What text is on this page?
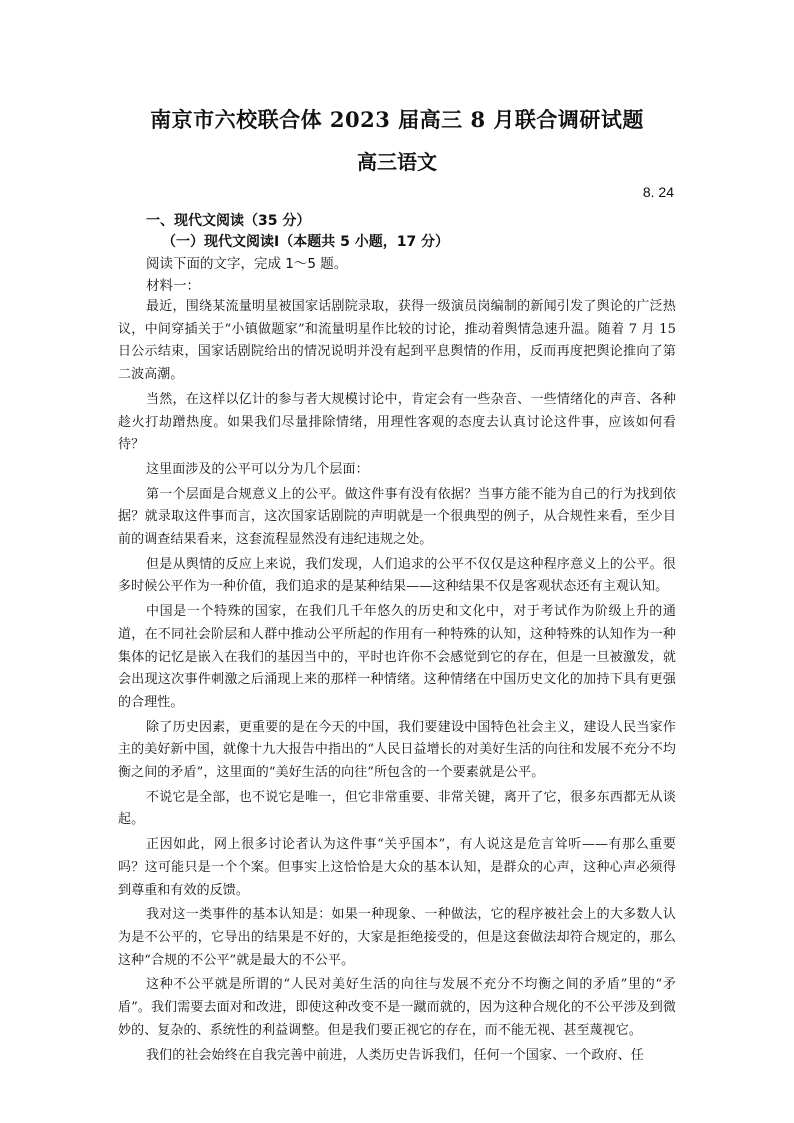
南京市六校联合体 2023 届高三 8 月联合调研试题
高三语文
8. 24
一、现代文阅读（35 分）
（一）现代文阅读Ⅰ（本题共 5 小题，17 分）
阅读下面的文字，完成 1～5 题。
材料一：

最近，围绕某流量明星被国家话剧院录取，获得一级演员岗编制的新闻引发了舆论的广泛热议，中间穿插关于“小镇做题家”和流量明星作比较的讨论，推动着舆情急速升温。随着 7 月 15 日公示结束，国家话剧院给出的情况说明并没有起到平息舆情的作用，反而再度把舆论推向了第二波高潮。

当然，在这样以亿计的参与者大规模讨论中，肯定会有一些杂音、一些情绪化的声音、各种趁火打劫蹭热度。如果我们尽量排除情绪，用理性客观的态度去认真讨论这件事，应该如何看待？

这里面涉及的公平可以分为几个层面：

第一个层面是合规意义上的公平。做这件事有没有依据？当事方能不能为自己的行为找到依据？就录取这件事而言，这次国家话剧院的声明就是一个很典型的例子，从合规性来看，至少目前的调查结果看来，这套流程显然没有违纪违规之处。

但是从舆情的反应上来说，我们发现，人们追求的公平不仅仅是这种程序意义上的公平。很多时候公平作为一种价值，我们追求的是某种结果——这种结果不仅是客观状态还有主观认知。

中国是一个特殊的国家，在我们几千年悠久的历史和文化中，对于考试作为阶级上升的通道，在不同社会阶层和人群中推动公平所起的作用有一种特殊的认知，这种特殊的认知作为一种集体的记忆是嵌入在我们的基因当中的，平时也许你不会感觉到它的存在，但是一旦被激发，就会出现这次事件刺激之后涌现上来的那样一种情绪。这种情绪在中国历史文化的加持下具有更强的合理性。

除了历史因素，更重要的是在今天的中国，我们要建设中国特色社会主义，建设人民当家作主的美好新中国，就像十九大报告中指出的“人民日益增长的对美好生活的向往和发展不充分不均衡之间的矛盾”，这里面的“美好生活的向往”所包含的一个要素就是公平。

不说它是全部，也不说它是唯一，但它非常重要、非常关键，离开了它，很多东西都无从谈起。

正因如此，网上很多讨论者认为这件事“关乎国本”，有人说这是危言耸听——有那么重要吗？这可能只是一个个案。但事实上这恰恰是大众的基本认知，是群众的心声，这种心声必须得到尊重和有效的反馈。

我对这一类事件的基本认知是：如果一种现象、一种做法，它的程序被社会上的大多数人认为是不公平的，它导出的结果是不好的，大家是拒绝接受的，但是这套做法却符合规定的，那么这种“合规的不公平”就是最大的不公平。

这种不公平就是所谓的“人民对美好生活的向往与发展不充分不均衡之间的矛盾”里的“矛盾”。我们需要去面对和改进，即使这种改变不是一蹴而就的，因为这种合规化的不公平涉及到微妙的、复杂的、系统性的利益调整。但是我们要正视它的存在，而不能无视、甚至蔑视它。

我们的社会始终在自我完善中前进，人类历史告诉我们，任何一个国家、一个政府、任
